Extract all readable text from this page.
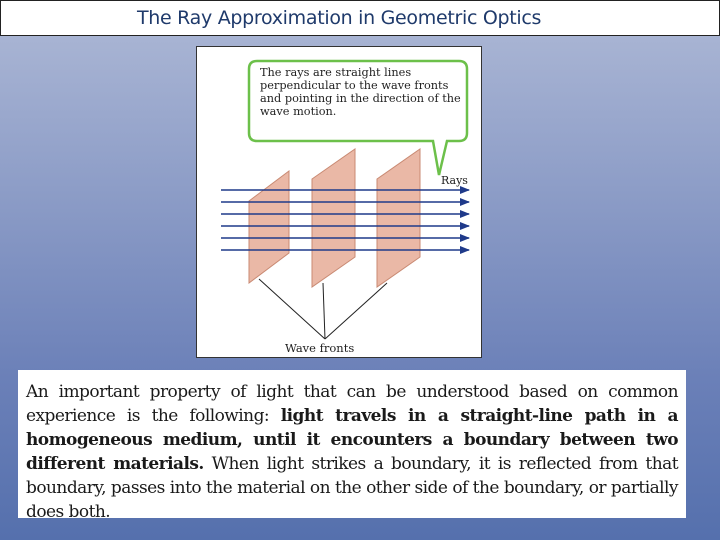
The Ray Approximation in Geometric Optics
The rays are straight lines perpendicular to the wave fronts and pointing in the direction of the wave motion.
Rays
Wave fronts

An important property of light that can be understood based on common experience is the following: light travels in a straight-line path in a homogeneous medium, until it encounters a boundary between two different materials. When light strikes a boundary, it is reflected from that boundary, passes into the material on the other side of the boundary, or partially does both.
